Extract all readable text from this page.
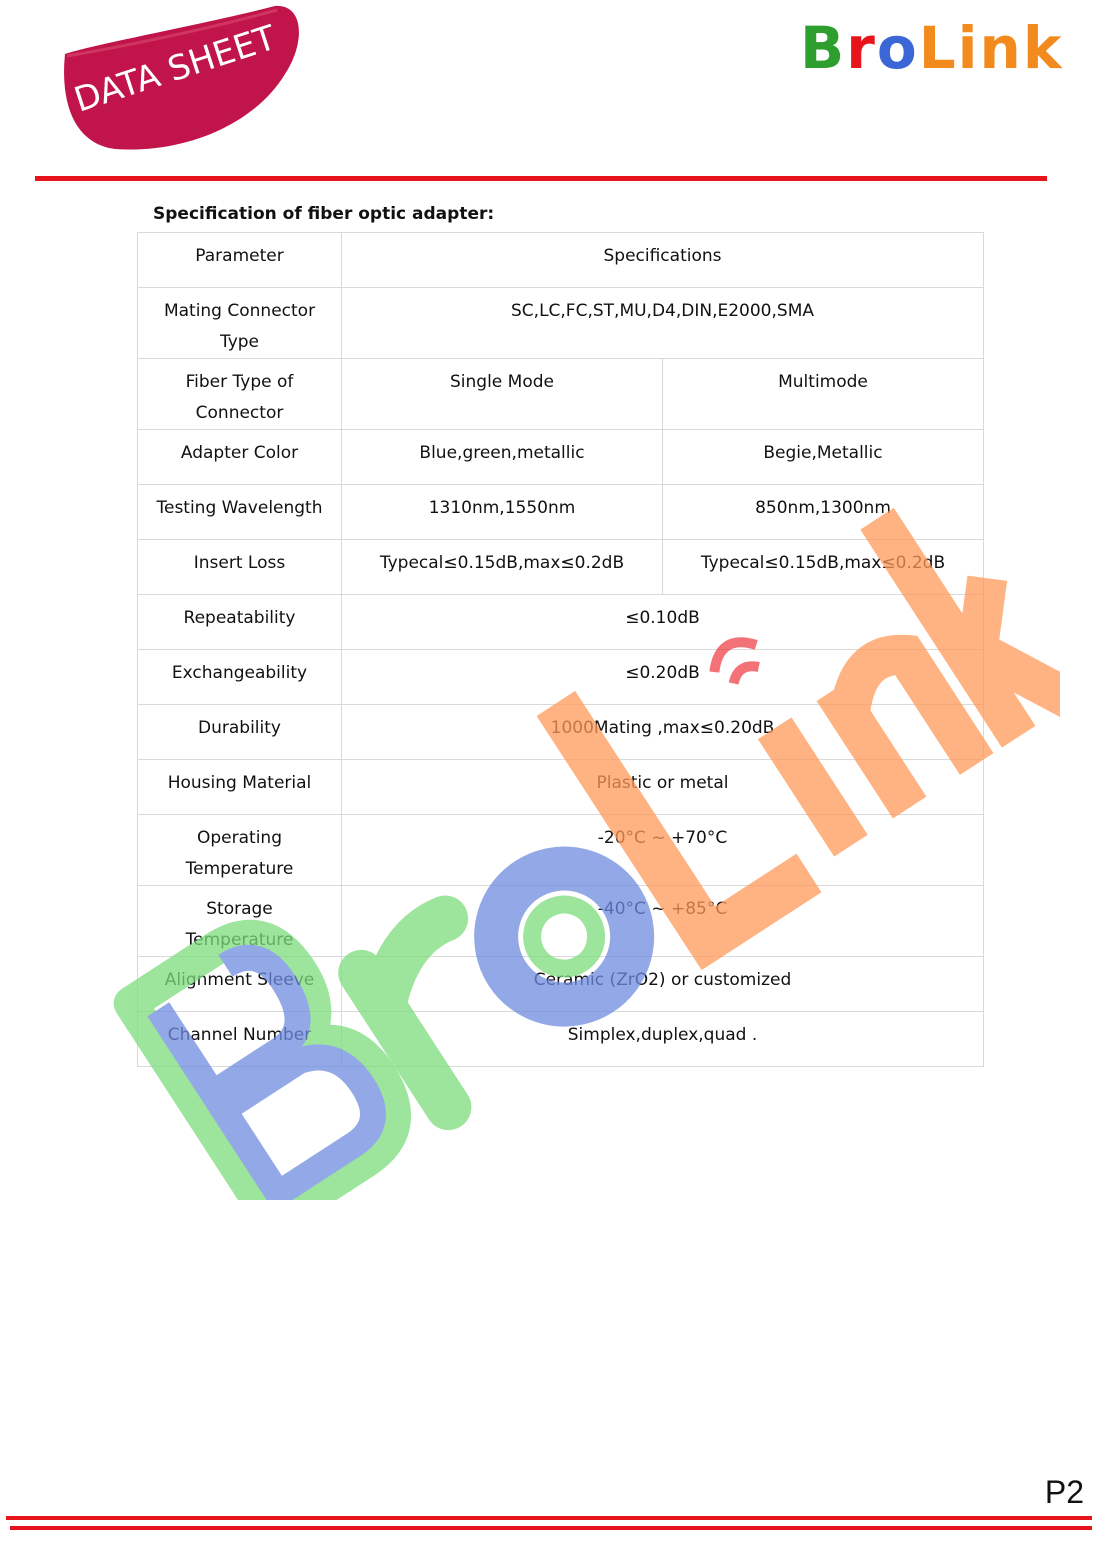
DATA SHEET	BroLink
Specification of fiber optic adapter:
Parameter	Specifications	
Mating Connector
Type	SC,LC,FC,ST,MU,D4,DIN,E2000,SMA	
Fiber Type of
Connector	Single Mode	Multimode
Adapter Color	Blue,green,metallic	Begie,Metallic
Testing Wavelength	1310nm,1550nm	850nm,1300nm
Insert Loss	Typecal≤0.15dB,max≤0.2dB	Typecal≤0.15dB,max≤0.2dB
Repeatability	≤0.10dB	
Exchangeability	≤0.20dB	
Durability	1000Mating ,max≤0.20dB	
Housing Material	Plastic or metal	
Operating
Temperature	-20°C ~ +70°C	
Storage
Temperature	-40°C ~ +85°C	
Alignment Sleeve	Ceramic (ZrO2) or customized	
Channel Number	Simplex,duplex,quad .	
P2
